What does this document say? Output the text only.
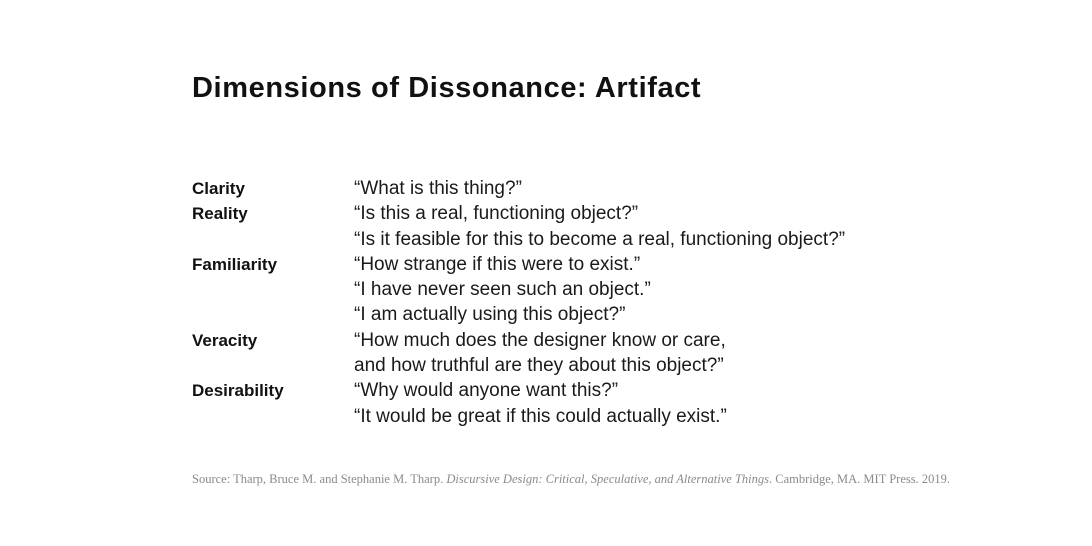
Dimensions of Dissonance: Artifact
Clarity	“What is this thing?”
Reality	“Is this a real, functioning object?”
“Is it feasible for this to become a real, functioning object?”
Familiarity	“How strange if this were to exist.”
“I have never seen such an object.”
“I am actually using this object?”
Veracity	“How much does the designer know or care,
and how truthful are they about this object?”
Desirability	“Why would anyone want this?”
“It would be great if this could actually exist.”
Source: Tharp, Bruce M. and Stephanie M. Tharp. Discursive Design: Critical, Speculative, and Alternative Things. Cambridge, MA. MIT Press. 2019.
